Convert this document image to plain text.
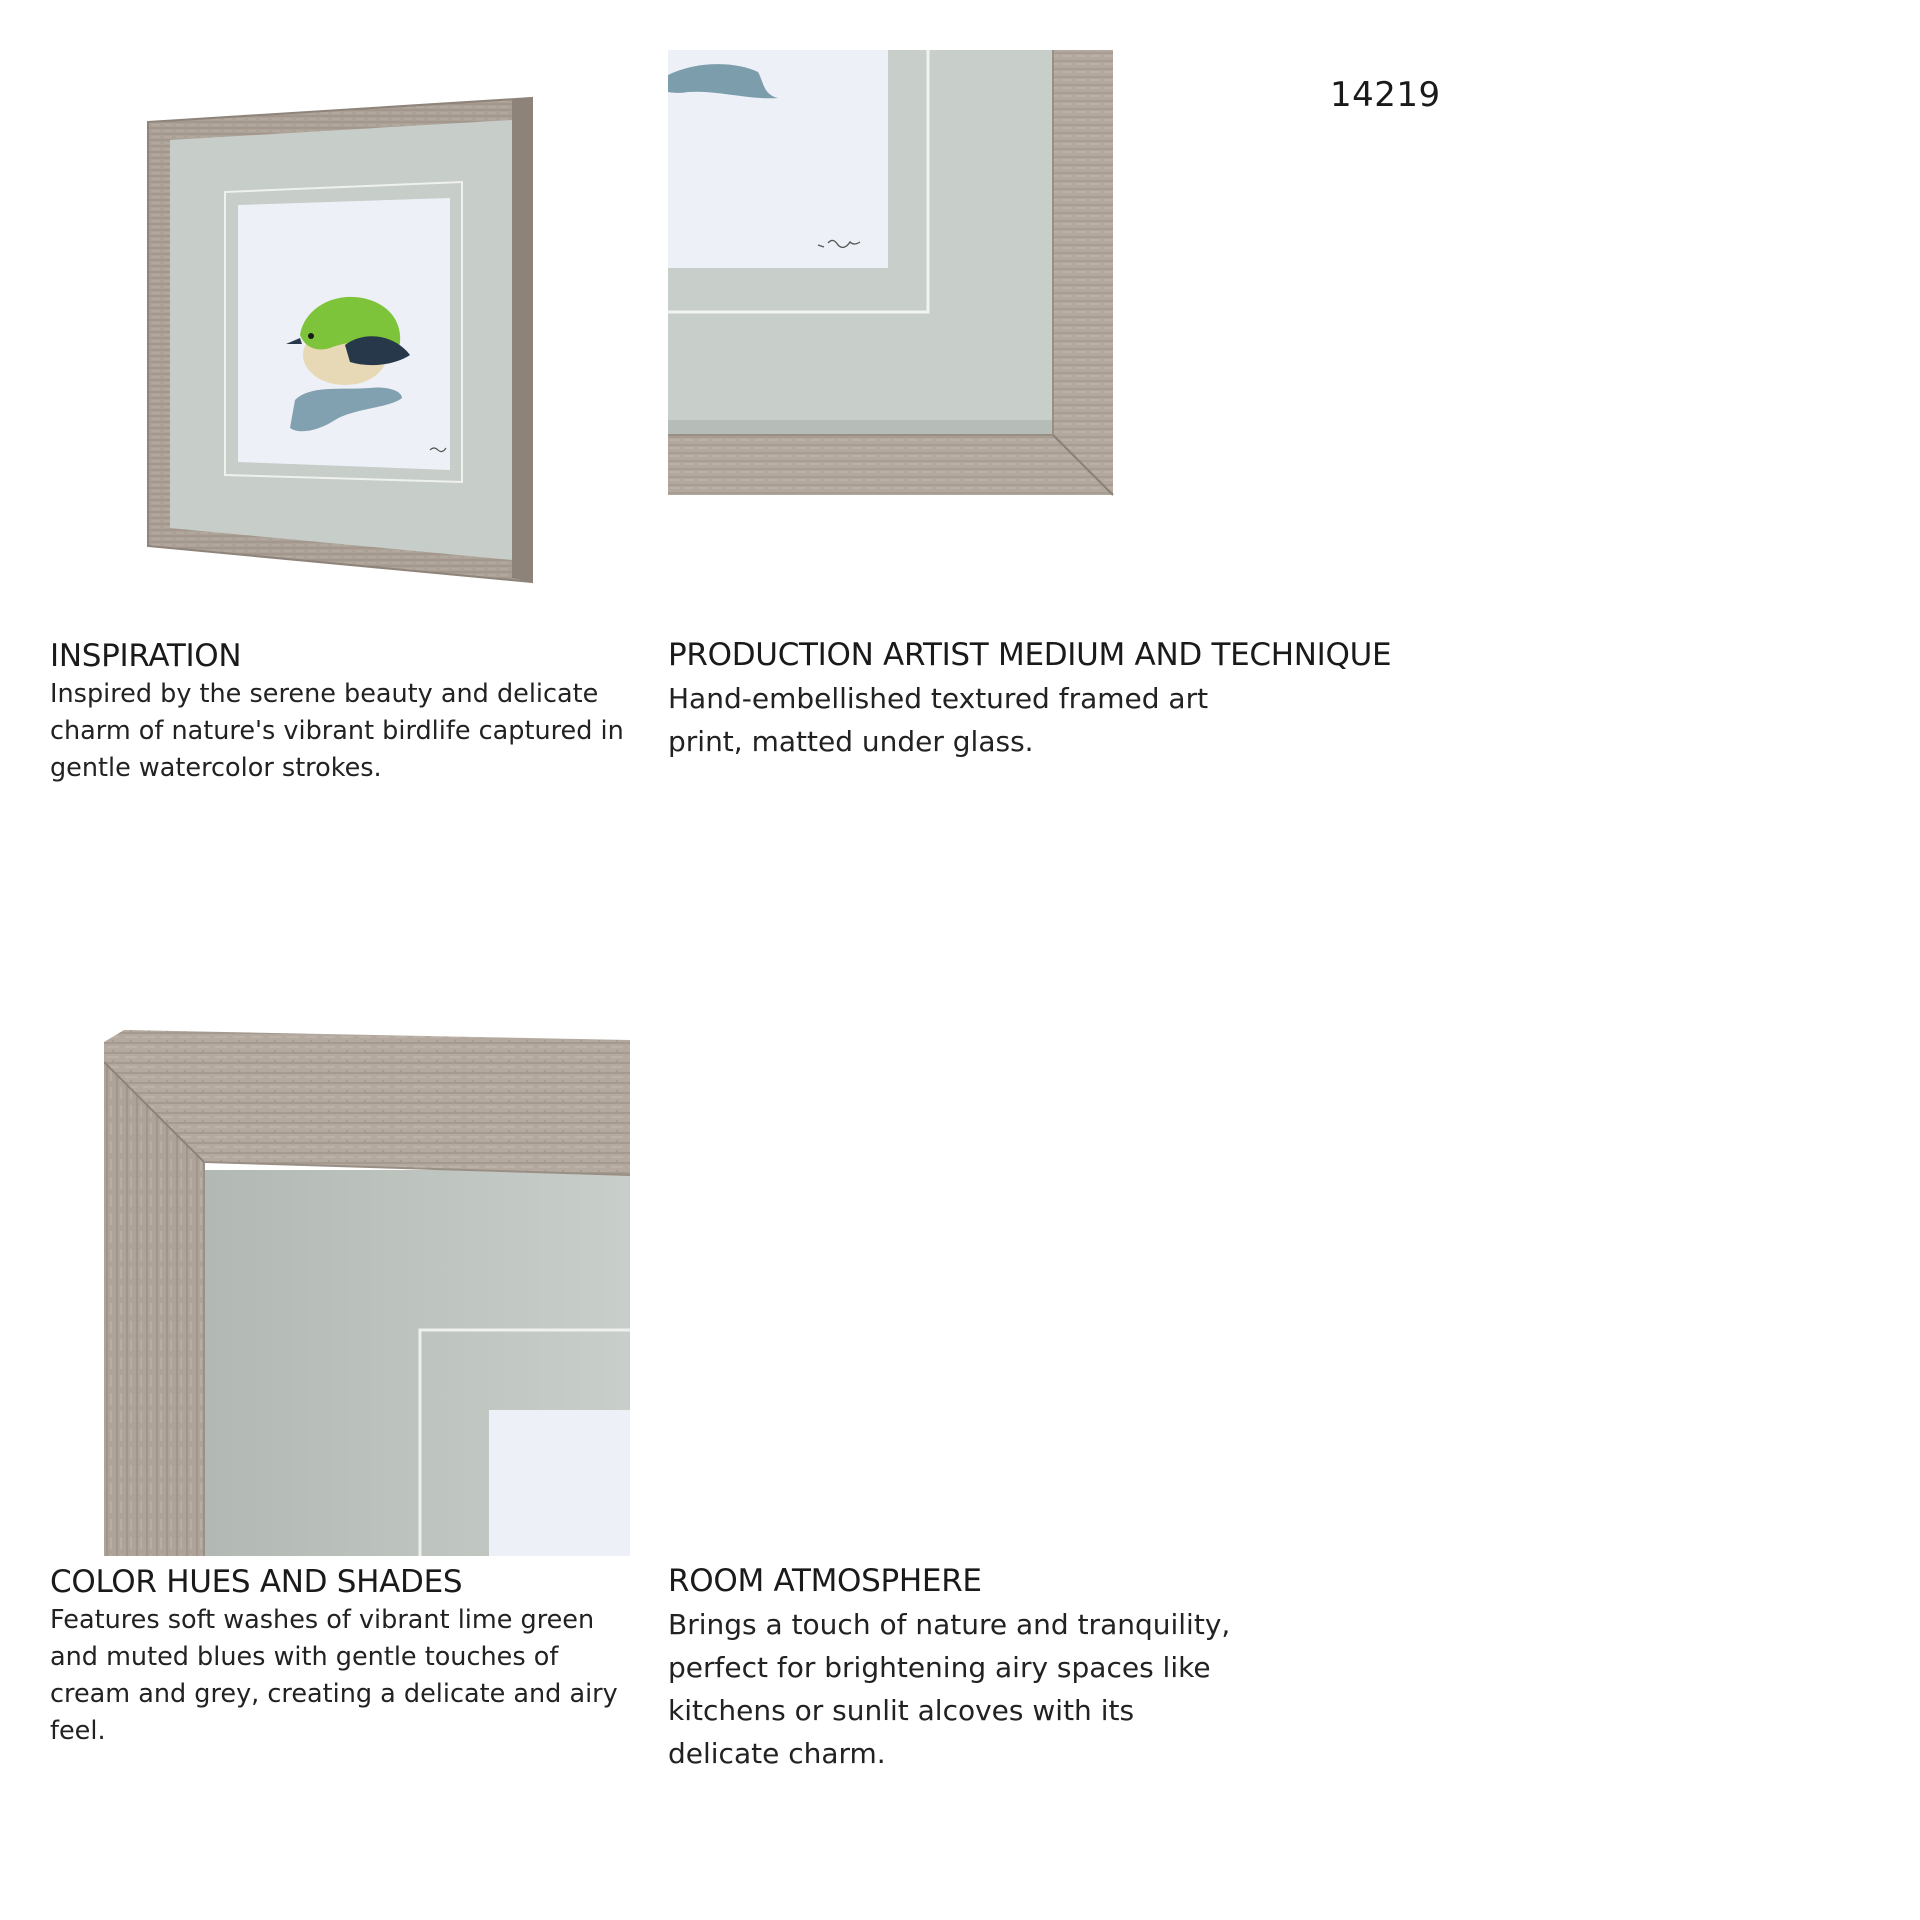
14219
INSPIRATION
Inspired by the serene beauty and delicate charm of nature's vibrant birdlife captured in gentle watercolor strokes.
PRODUCTION ARTIST MEDIUM AND TECHNIQUE
Hand-embellished textured framed art print, matted under glass.
COLOR HUES AND SHADES
Features soft washes of vibrant lime green and muted blues with gentle touches of cream and grey, creating a delicate and airy feel.
ROOM ATMOSPHERE
Brings a touch of nature and tranquility, perfect for brightening airy spaces like kitchens or sunlit alcoves with its delicate charm.
